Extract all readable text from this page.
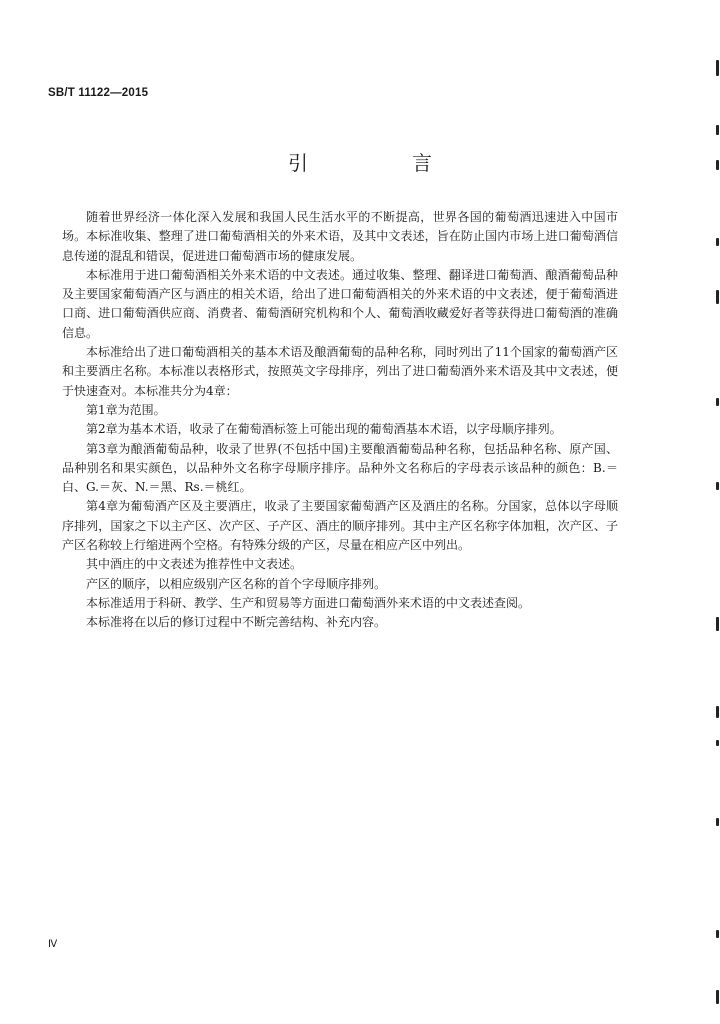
SB/T 11122—2015
引　言

随着世界经济一体化深入发展和我国人民生活水平的不断提高，世界各国的葡萄酒迅速进入中国市场。本标准收集、整理了进口葡萄酒相关的外来术语，及其中文表述，旨在防止国内市场上进口葡萄酒信息传递的混乱和错误，促进进口葡萄酒市场的健康发展。

本标准用于进口葡萄酒相关外来术语的中文表述。通过收集、整理、翻译进口葡萄酒、酿酒葡萄品种及主要国家葡萄酒产区与酒庄的相关术语，给出了进口葡萄酒相关的外来术语的中文表述，便于葡萄酒进口商、进口葡萄酒供应商、消费者、葡萄酒研究机构和个人、葡萄酒收藏爱好者等获得进口葡萄酒的准确信息。

本标准给出了进口葡萄酒相关的基本术语及酿酒葡萄的品种名称，同时列出了11个国家的葡萄酒产区和主要酒庄名称。本标准以表格形式，按照英文字母排序，列出了进口葡萄酒外来术语及其中文表述，便于快速查对。本标准共分为4章：

第1章为范围。

第2章为基本术语，收录了在葡萄酒标签上可能出现的葡萄酒基本术语，以字母顺序排列。

第3章为酿酒葡萄品种，收录了世界(不包括中国)主要酿酒葡萄品种名称，包括品种名称、原产国、品种别名和果实颜色，以品种外文名称字母顺序排序。品种外文名称后的字母表示该品种的颜色：B.＝白、G.＝灰、N.＝黑、Rs.＝桃红。

第4章为葡萄酒产区及主要酒庄，收录了主要国家葡萄酒产区及酒庄的名称。分国家，总体以字母顺序排列，国家之下以主产区、次产区、子产区、酒庄的顺序排列。其中主产区名称字体加粗，次产区、子产区名称较上行缩进两个空格。有特殊分级的产区，尽量在相应产区中列出。

其中酒庄的中文表述为推荐性中文表述。

产区的顺序，以相应级别产区名称的首个字母顺序排列。

本标准适用于科研、教学、生产和贸易等方面进口葡萄酒外来术语的中文表述查阅。

本标准将在以后的修订过程中不断完善结构、补充内容。

Ⅳ
